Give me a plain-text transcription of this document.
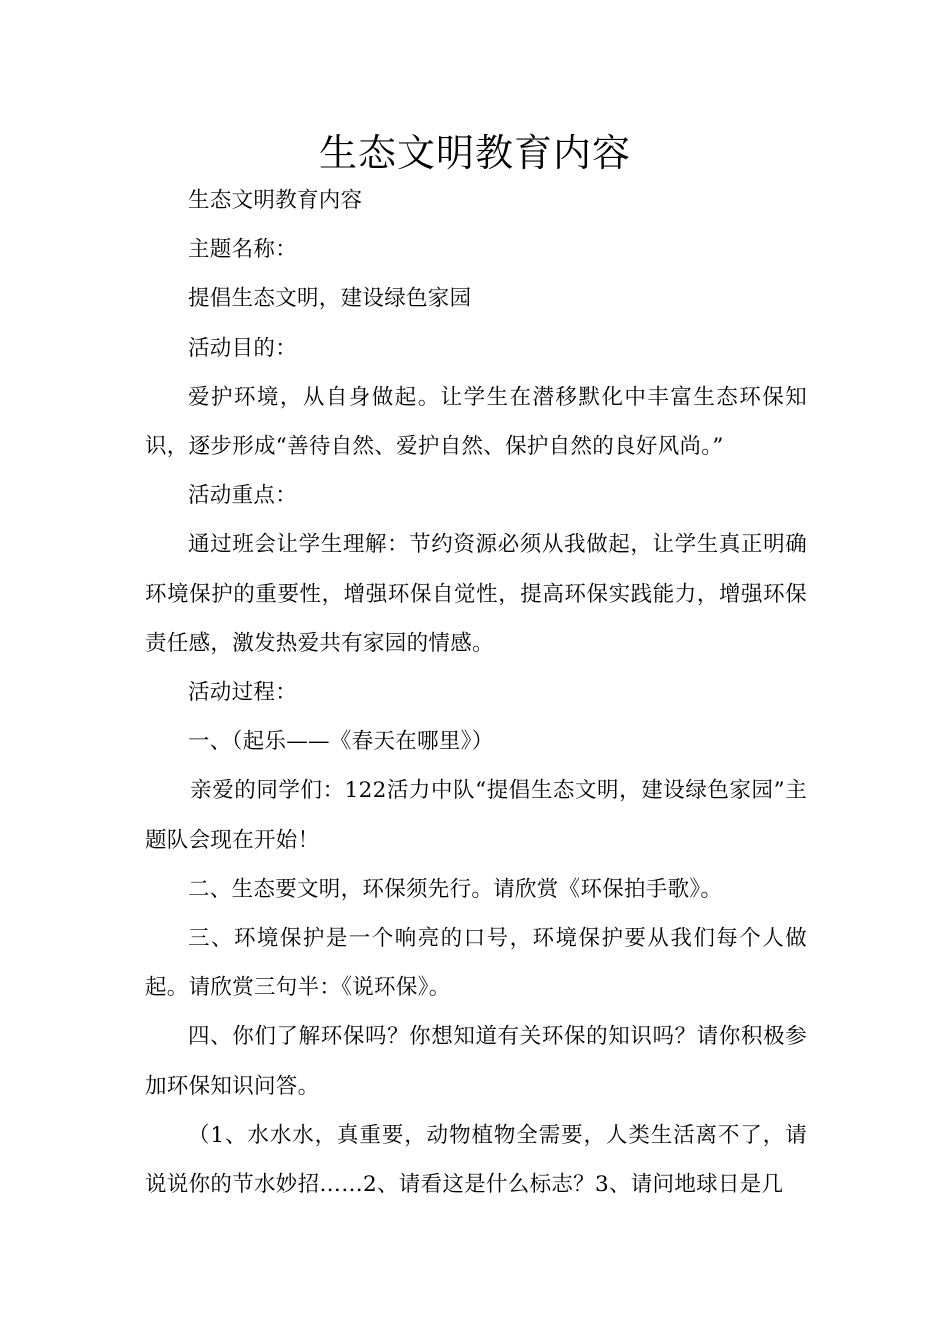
生态文明教育内容

生态文明教育内容

主题名称：

提倡生态文明，建设绿色家园

活动目的：

爱护环境，从自身做起。让学生在潜移默化中丰富生态环保知识，逐步形成“善待自然、爱护自然、保护自然的良好风尚。”

活动重点：

通过班会让学生理解：节约资源必须从我做起，让学生真正明确环境保护的重要性，增强环保自觉性，提高环保实践能力，增强环保责任感，激发热爱共有家园的情感。

活动过程：

一、（起乐——《春天在哪里》）

亲爱的同学们：122活力中队“提倡生态文明，建设绿色家园”主题队会现在开始！

二、生态要文明，环保须先行。请欣赏《环保拍手歌》。

三、环境保护是一个响亮的口号，环境保护要从我们每个人做起。请欣赏三句半：《说环保》。

四、你们了解环保吗？你想知道有关环保的知识吗？请你积极参加环保知识问答。

（1、水水水，真重要，动物植物全需要，人类生活离不了，请说说你的节水妙招……2、请看这是什么标志？3、请问地球日是几
